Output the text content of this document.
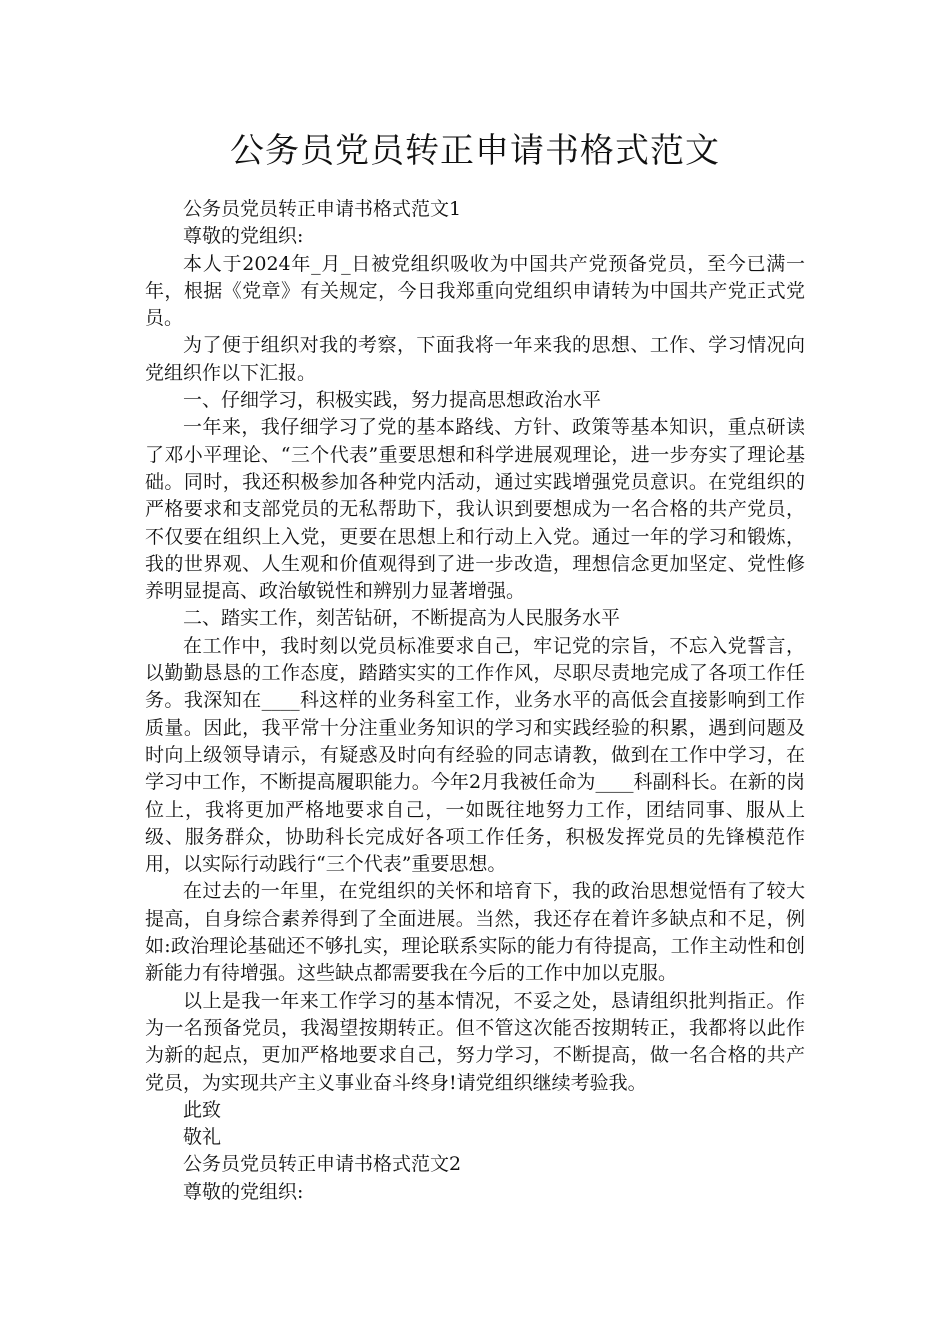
公务员党员转正申请书格式范文

公务员党员转正申请书格式范文1

尊敬的党组织:

本人于2024年_月_日被党组织吸收为中国共产党预备党员，至今已满一年，根据《党章》有关规定，今日我郑重向党组织申请转为中国共产党正式党员。

为了便于组织对我的考察，下面我将一年来我的思想、工作、学习情况向党组织作以下汇报。

一、仔细学习，积极实践，努力提高思想政治水平

一年来，我仔细学习了党的基本路线、方针、政策等基本知识，重点研读了邓小平理论、“三个代表”重要思想和科学进展观理论，进一步夯实了理论基础。同时，我还积极参加各种党内活动，通过实践增强党员意识。在党组织的严格要求和支部党员的无私帮助下，我认识到要想成为一名合格的共产党员，不仅要在组织上入党，更要在思想上和行动上入党。通过一年的学习和锻炼，我的世界观、人生观和价值观得到了进一步改造，理想信念更加坚定、党性修养明显提高、政治敏锐性和辨别力显著增强。

二、踏实工作，刻苦钻研，不断提高为人民服务水平

在工作中，我时刻以党员标准要求自己，牢记党的宗旨，不忘入党誓言，以勤勤恳恳的工作态度，踏踏实实的工作作风，尽职尽责地完成了各项工作任务。我深知在____科这样的业务科室工作，业务水平的高低会直接影响到工作质量。因此，我平常十分注重业务知识的学习和实践经验的积累，遇到问题及时向上级领导请示，有疑惑及时向有经验的同志请教，做到在工作中学习，在学习中工作，不断提高履职能力。今年2月我被任命为____科副科长。在新的岗位上，我将更加严格地要求自己，一如既往地努力工作，团结同事、服从上级、服务群众，协助科长完成好各项工作任务，积极发挥党员的先锋模范作用，以实际行动践行“三个代表”重要思想。

在过去的一年里，在党组织的关怀和培育下，我的政治思想觉悟有了较大提高，自身综合素养得到了全面进展。当然，我还存在着许多缺点和不足，例如:政治理论基础还不够扎实，理论联系实际的能力有待提高，工作主动性和创新能力有待增强。这些缺点都需要我在今后的工作中加以克服。

以上是我一年来工作学习的基本情况，不妥之处，恳请组织批判指正。作为一名预备党员，我渴望按期转正。但不管这次能否按期转正，我都将以此作为新的起点，更加严格地要求自己，努力学习，不断提高，做一名合格的共产党员，为实现共产主义事业奋斗终身!请党组织继续考验我。

此致

敬礼

公务员党员转正申请书格式范文2

尊敬的党组织:
